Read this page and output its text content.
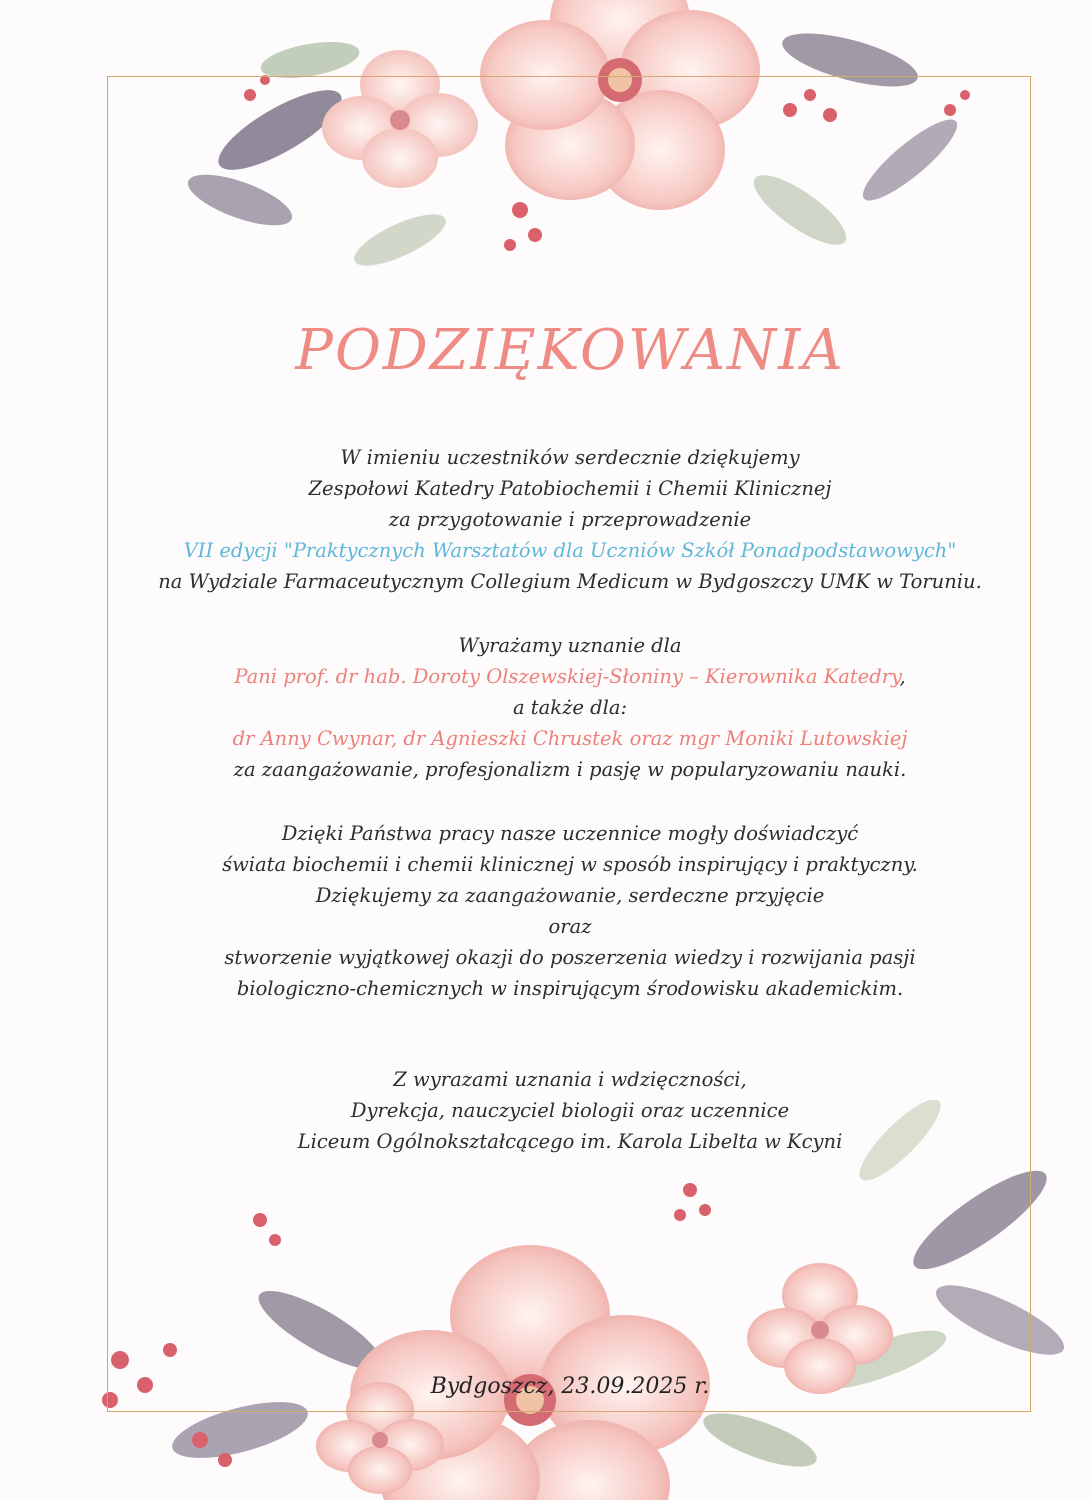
PODZIĘKOWANIA
W imieniu uczestników serdecznie dziękujemy
Zespołowi Katedry Patobiochemii i Chemii Klinicznej
za przygotowanie i przeprowadzenie
VII edycji "Praktycznych Warsztatów dla Uczniów Szkół Ponadpodstawowych"
na Wydziale Farmaceutycznym Collegium Medicum w Bydgoszczy UMK w Toruniu.
Wyrażamy uznanie dla
Pani prof. dr hab. Doroty Olszewskiej-Słoniny – Kierownika Katedry,
a także dla:
dr Anny Cwynar, dr Agnieszki Chrustek oraz mgr Moniki Lutowskiej
za zaangażowanie, profesjonalizm i pasję w popularyzowaniu nauki.
Dzięki Państwa pracy nasze uczennice mogły doświadczyć
świata biochemii i chemii klinicznej w sposób inspirujący i praktyczny.
Dziękujemy za zaangażowanie, serdeczne przyjęcie
oraz
stworzenie wyjątkowej okazji do poszerzenia wiedzy i rozwijania pasji
biologiczno-chemicznych w inspirującym środowisku akademickim.
Z wyrazami uznania i wdzięczności,
Dyrekcja, nauczyciel biologii oraz uczennice
Liceum Ogólnokształcącego im. Karola Libelta w Kcyni
Bydgoszcz, 23.09.2025 r.
